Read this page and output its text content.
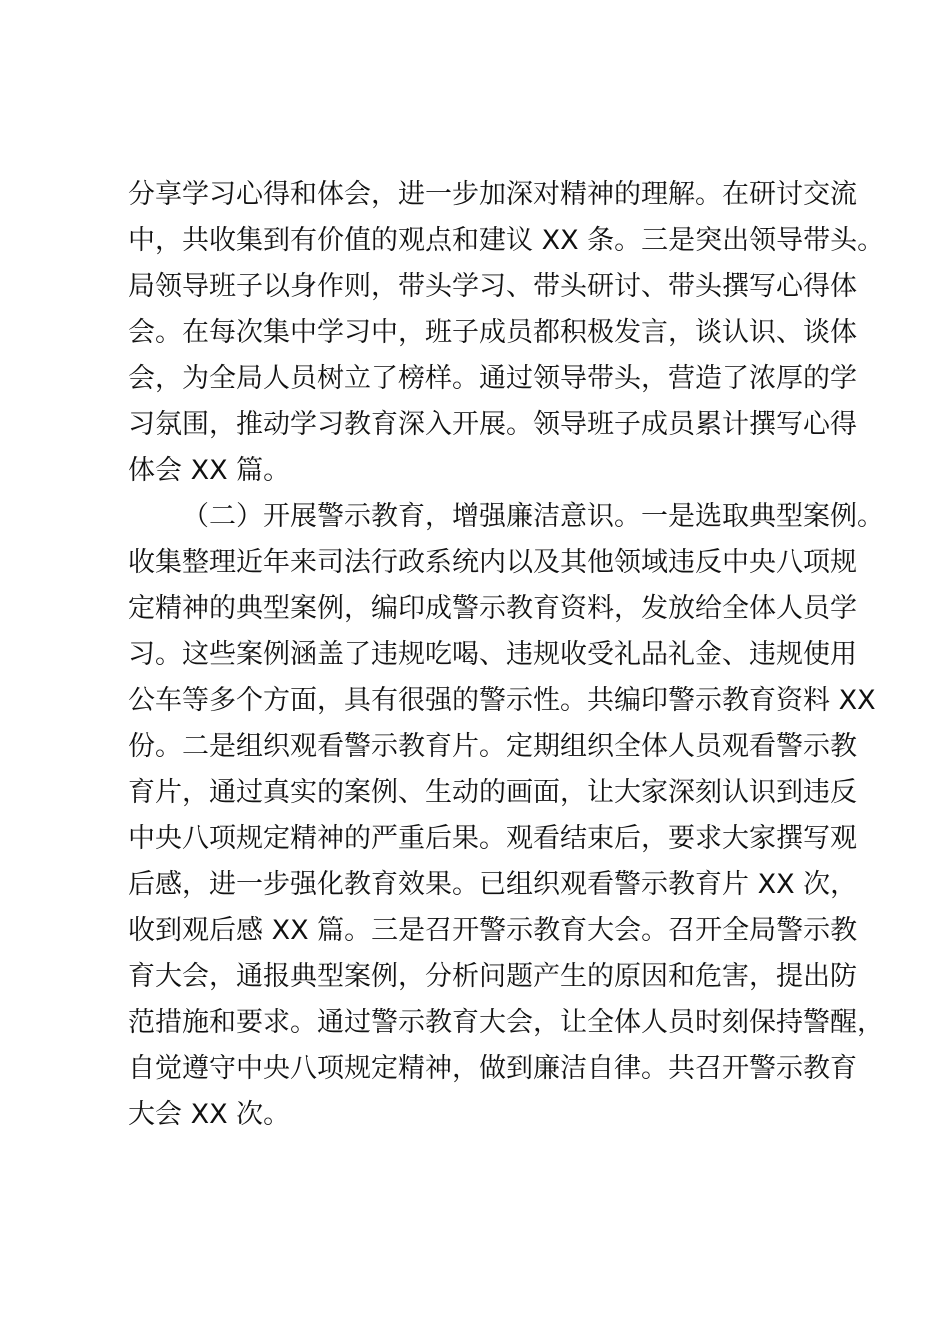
分享学习心得和体会，进一步加深对精神的理解。在研讨交流
中，共收集到有价值的观点和建议 XX 条。三是突出领导带头。
局领导班子以身作则，带头学习、带头研讨、带头撰写心得体
会。在每次集中学习中，班子成员都积极发言，谈认识、谈体
会，为全局人员树立了榜样。通过领导带头，营造了浓厚的学
习氛围，推动学习教育深入开展。领导班子成员累计撰写心得
体会 XX 篇。
（二）开展警示教育，增强廉洁意识。一是选取典型案例。
收集整理近年来司法行政系统内以及其他领域违反中央八项规
定精神的典型案例，编印成警示教育资料，发放给全体人员学
习。这些案例涵盖了违规吃喝、违规收受礼品礼金、违规使用
公车等多个方面，具有很强的警示性。共编印警示教育资料 XX
份。二是组织观看警示教育片。定期组织全体人员观看警示教
育片，通过真实的案例、生动的画面，让大家深刻认识到违反
中央八项规定精神的严重后果。观看结束后，要求大家撰写观
后感，进一步强化教育效果。已组织观看警示教育片 XX 次，
收到观后感 XX 篇。三是召开警示教育大会。召开全局警示教
育大会，通报典型案例，分析问题产生的原因和危害，提出防
范措施和要求。通过警示教育大会，让全体人员时刻保持警醒，
自觉遵守中央八项规定精神，做到廉洁自律。共召开警示教育
大会 XX 次。
